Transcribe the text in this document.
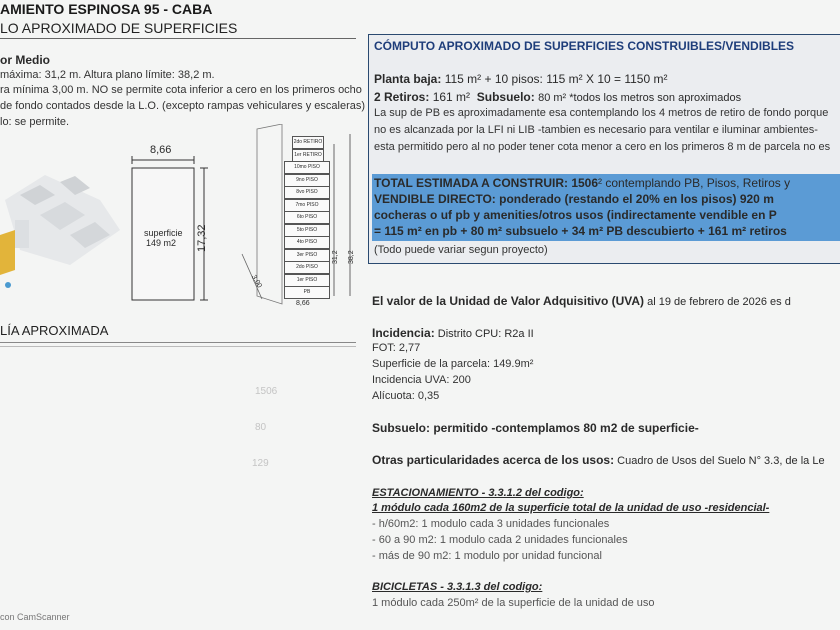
AMIENTO ESPINOSA 95 - CABA
LO APROXIMADO DE SUPERFICIES
or Medio
máxima: 31,2 m. Altura plano límite: 38,2 m.
ra mínima 3,00 m. NO se permite cota inferior a cero en los primeros ocho
de fondo contados desde la L.O. (excepto rampas vehiculares y escaleras)
lo: se permite.
8,66
17,32
superficie
149 m2
2do RETIRO
1er RETIRO
10mo PISO
9no PISO
8vo PISO
7mo PISO
6to PISO
5to PISO
4to PISO
3er PISO
2do PISO
1er PISO
PB
31,2 38,2
3,00
8,66
LÍA APROXIMADA
1506
80
129
con CamScanner
CÓMPUTO APROXIMADO DE SUPERFICIES CONSTRUIBLES/VENDIBLES
Planta baja: 115 m² + 10 pisos: 115 m² X 10 = 1150 m²
2 Retiros: 161 m² Subsuelo: 80 m² *todos los metros son aproximados
La sup de PB es aproximadamente esa contemplando los 4 metros de retiro de fondo porque
no es alcanzada por la LFI ni LIB -tambien es necesario para ventilar e iluminar ambientes-
esta permitido pero al no poder tener cota menor a cero en los primeros 8 m de parcela no es
TOTAL ESTIMADA A CONSTRUIR: 1506² contemplando PB, Pisos, Retiros y
VENDIBLE DIRECTO: ponderado (restando el 20% en los pisos) 920 m
cocheras o uf pb y amenities/otros usos (indirectamente vendible en P
= 115 m² en pb + 80 m² subsuelo + 34 m² PB descubierto + 161 m² retiros
(Todo puede variar segun proyecto)
El valor de la Unidad de Valor Adquisitivo (UVA) al 19 de febrero de 2026 es d
Incidencia: Distrito CPU: R2a II
FOT: 2,77
Superficie de la parcela: 149.9m²
Incidencia UVA: 200
Alícuota: 0,35
Subsuelo: permitido -contemplamos 80 m2 de superficie-
Otras particularidades acerca de los usos: Cuadro de Usos del Suelo N° 3.3, de la Le
ESTACIONAMIENTO - 3.3.1.2 del codigo:
1 módulo cada 160m2 de la superficie total de la unidad de uso -residencial-
- h/60m2: 1 modulo cada 3 unidades funcionales
- 60 a 90 m2: 1 modulo cada 2 unidades funcionales
- más de 90 m2: 1 modulo por unidad funcional
BICICLETAS - 3.3.1.3 del codigo:
1 módulo cada 250m² de la superficie de la unidad de uso
